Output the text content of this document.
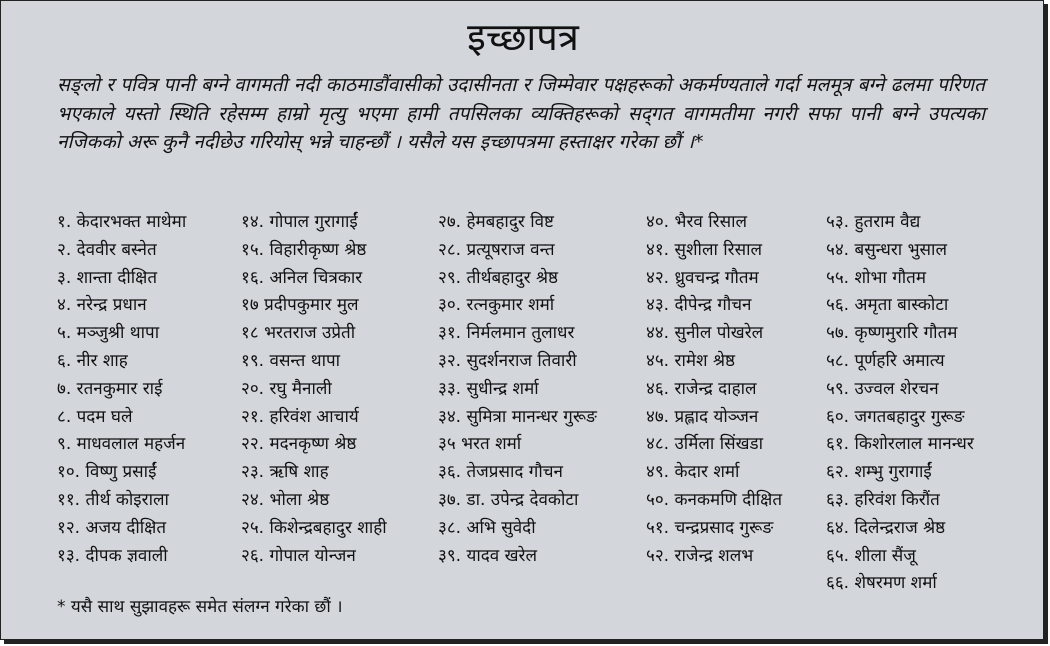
इच्छापत्र
सङ्लो र पवित्र पानी बग्ने वागमती नदी काठमाडौंवासीको उदासीनता र जिम्मेवार पक्षहरूको अकर्मण्यताले गर्दा मलमूत्र बग्ने ढलमा परिणत भएकाले यस्तो स्थिति रहेसम्म हाम्रो मृत्यु भएमा हामी तपसिलका व्यक्तिहरूको सद्‌गत वागमतीमा नगरी सफा पानी बग्ने उपत्यका नजिकको अरू कुनै नदीछेउ गरियोस् भन्ने चाहन्छौं । यसैले यस इच्छापत्रमा हस्ताक्षर गरेका छौं ।*
१. केदारभक्त माथेमा
२. देववीर बस्नेत
३. शान्ता दीक्षित
४. नरेन्द्र प्रधान
५. मञ्जुश्री थापा
६. नीर शाह
७. रतनकुमार राई
८. पदम घले
९. माधवलाल महर्जन
१०. विष्णु प्रसाईं
११. तीर्थ कोइराला
१२. अजय दीक्षित
१३. दीपक ज्ञवाली
१४. गोपाल गुरागाईं
१५. विहारीकृष्ण श्रेष्ठ
१६. अनिल चित्रकार
१७ प्रदीपकुमार मुल
१८ भरतराज उप्रेती
१९. वसन्त थापा
२०. रघु मैनाली
२१. हरिवंश आचार्य
२२. मदनकृष्ण श्रेष्ठ
२३. ऋषि शाह
२४. भोला श्रेष्ठ
२५. किशेन्द्रबहादुर शाही
२६. गोपाल योन्जन
२७. हेमबहादुर विष्ट
२८. प्रत्यूषराज वन्त
२९. तीर्थबहादुर श्रेष्ठ
३०. रत्नकुमार शर्मा
३१. निर्मलमान तुलाधर
३२. सुदर्शनराज तिवारी
३३. सुधीन्द्र शर्मा
३४. सुमित्रा मानन्धर गुरूङ
३५ भरत शर्मा
३६. तेजप्रसाद गौचन
३७. डा. उपेन्द्र देवकोटा
३८. अभि सुवेदी
३९. यादव खरेल
४०. भैरव रिसाल
४१. सुशीला रिसाल
४२. ध्रुवचन्द्र गौतम
४३. दीपेन्द्र गौचन
४४. सुनील पोखरेल
४५. रामेश श्रेष्ठ
४६. राजेन्द्र दाहाल
४७. प्रह्लाद योञ्जन
४८. उर्मिला सिंखडा
४९. केदार शर्मा
५०. कनकमणि दीक्षित
५१. चन्द्रप्रसाद गुरूङ
५२. राजेन्द्र शलभ
५३. हुतराम वैद्य
५४. बसुन्धरा भुसाल
५५. शोभा गौतम
५६. अमृता बास्कोटा
५७. कृष्णमुरारि गौतम
५८. पूर्णहरि अमात्य
५९. उज्वल शेरचन
६०. जगतबहादुर गुरूङ
६१. किशोरलाल मानन्धर
६२. शम्भु गुरागाईं
६३. हरिवंश किरौंत
६४. दिलेन्द्रराज श्रेष्ठ
६५. शीला सैंजू
६६. शेषरमण शर्मा
* यसै साथ सुझावहरू समेत संलग्न गरेका छौं ।
